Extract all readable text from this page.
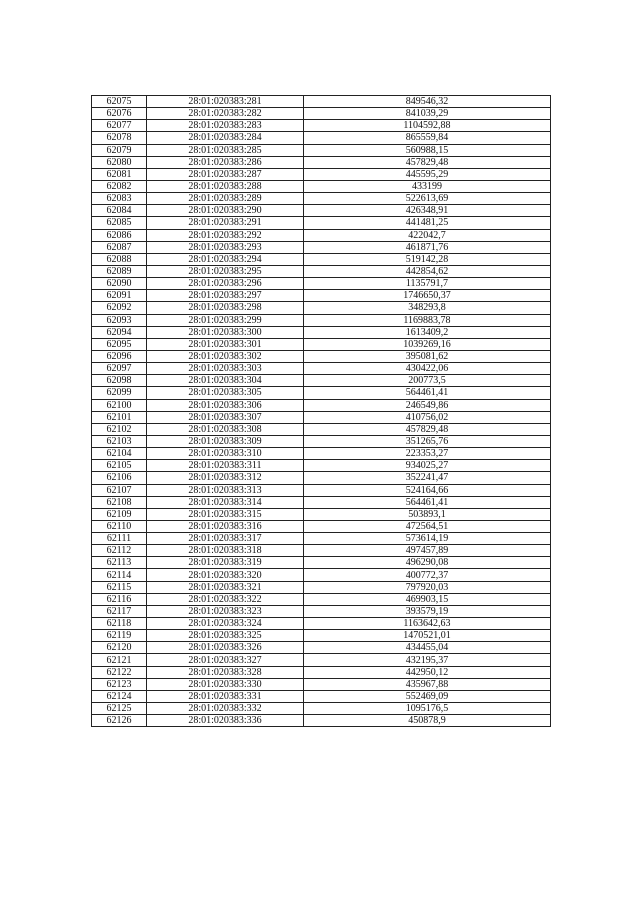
62075	28:01:020383:281	849546,32
62076	28:01:020383:282	841039,29
62077	28:01:020383:283	1104592,88
62078	28:01:020383:284	865559,84
62079	28:01:020383:285	560988,15
62080	28:01:020383:286	457829,48
62081	28:01:020383:287	445595,29
62082	28:01:020383:288	433199
62083	28:01:020383:289	522613,69
62084	28:01:020383:290	426348,91
62085	28:01:020383:291	441481,25
62086	28:01:020383:292	422042,7
62087	28:01:020383:293	461871,76
62088	28:01:020383:294	519142,28
62089	28:01:020383:295	442854,62
62090	28:01:020383:296	1135791,7
62091	28:01:020383:297	1746650,37
62092	28:01:020383:298	348293,8
62093	28:01:020383:299	1169883,78
62094	28:01:020383:300	1613409,2
62095	28:01:020383:301	1039269,16
62096	28:01:020383:302	395081,62
62097	28:01:020383:303	430422,06
62098	28:01:020383:304	200773,5
62099	28:01:020383:305	564461,41
62100	28:01:020383:306	246549,86
62101	28:01:020383:307	410756,02
62102	28:01:020383:308	457829,48
62103	28:01:020383:309	351265,76
62104	28:01:020383:310	223353,27
62105	28:01:020383:311	934025,27
62106	28:01:020383:312	352241,47
62107	28:01:020383:313	524164,66
62108	28:01:020383:314	564461,41
62109	28:01:020383:315	503893,1
62110	28:01:020383:316	472564,51
62111	28:01:020383:317	573614,19
62112	28:01:020383:318	497457,89
62113	28:01:020383:319	496290,08
62114	28:01:020383:320	400772,37
62115	28:01:020383:321	797920,03
62116	28:01:020383:322	469903,15
62117	28:01:020383:323	393579,19
62118	28:01:020383:324	1163642,63
62119	28:01:020383:325	1470521,01
62120	28:01:020383:326	434455,04
62121	28:01:020383:327	432195,37
62122	28:01:020383:328	442950,12
62123	28:01:020383:330	435967,88
62124	28:01:020383:331	552469,09
62125	28:01:020383:332	1095176,5
62126	28:01:020383:336	450878,9
